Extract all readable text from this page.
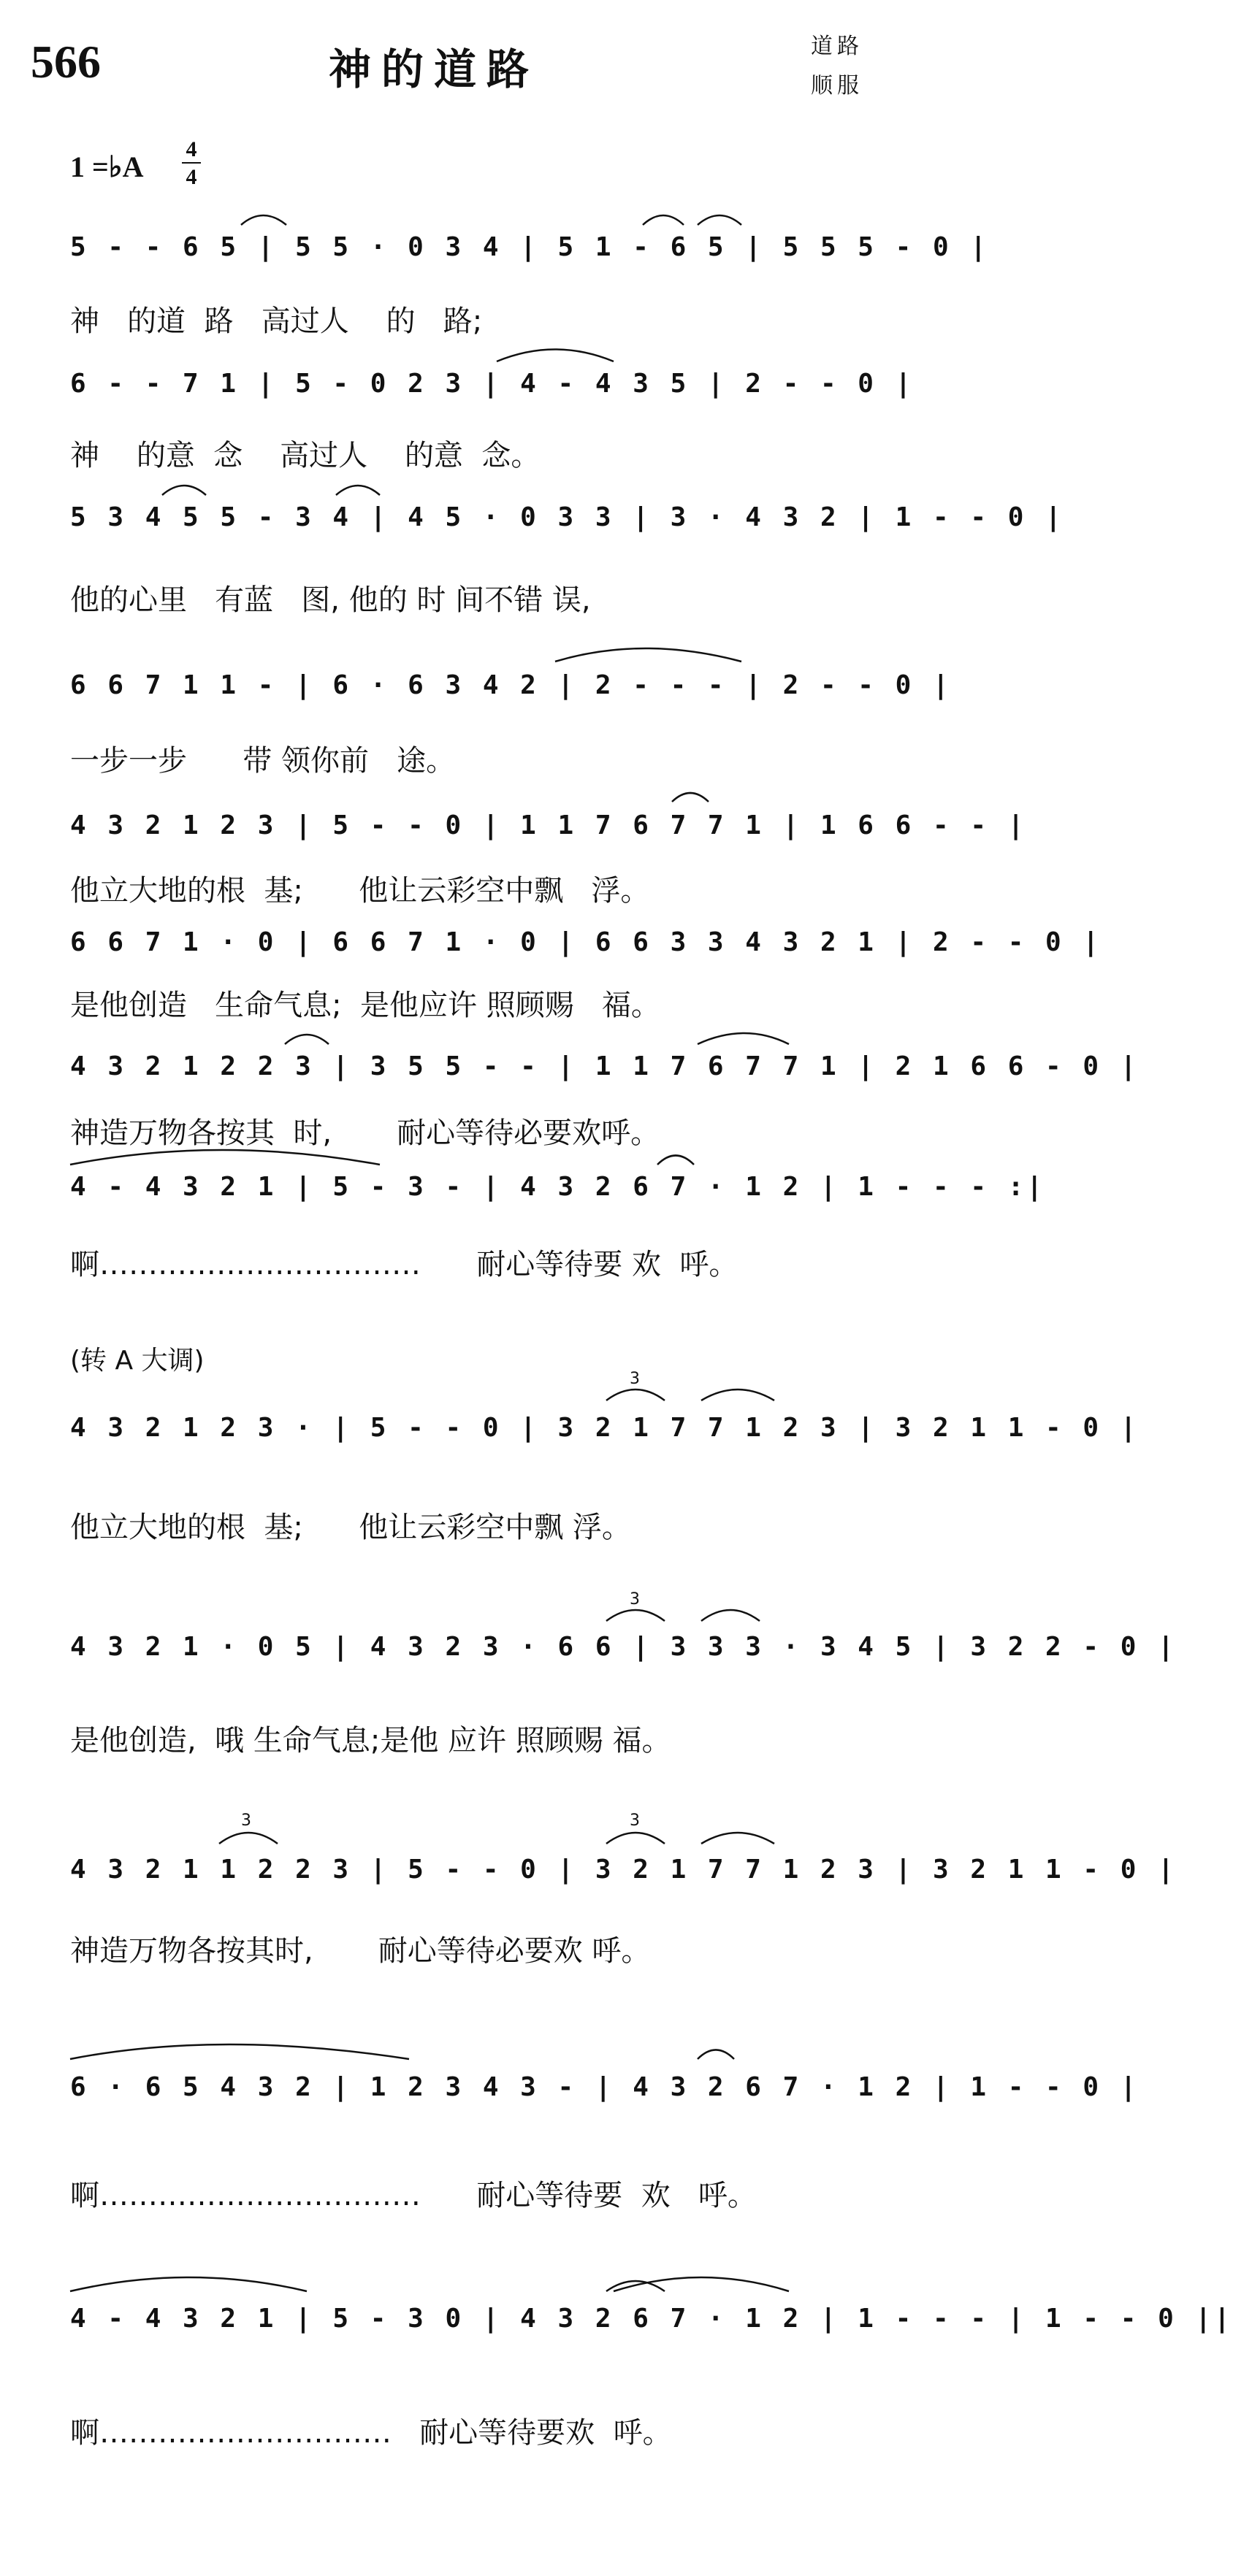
566	神的道路	道路
顺服
1 =♭A
4
4
5 - - 6 5 | 5 5 · 0 3 4 | 5 1 - 6 5 | 5 5 5 - 0 |
神   的道  路   高过人    的   路;
6 - - 7 1 | 5 - 0 2 3 | 4 - 4 3 5 | 2 - - 0 |
神    的意  念    高过人    的意  念。
5 3 4 5 5 - 3 4 | 4 5 · 0 3 3 | 3 · 4 3 2 | 1 - - 0 |
他的心里   有蓝   图, 他的 时 间不错 误,
6 6 7 1 1 - | 6 · 6 3 4 2 | 2 - - - | 2 - - 0 |
一步一步      带 领你前   途。
4 3 2 1 2 3 | 5 - - 0 | 1 1 7 6 7 7 1 | 1 6 6 - - |
他立大地的根  基;      他让云彩空中飘   浮。
6 6 7 1 · 0 | 6 6 7 1 · 0 | 6 6 3 3 4 3 2 1 | 2 - - 0 |
是他创造   生命气息;  是他应许 照顾赐   福。
4 3 2 1 2 2 3 | 3 5 5 - - | 1 1 7 6 7 7 1 | 2 1 6 6 - 0 |
神造万物各按其  时,       耐心等待必要欢呼。
4 - 4 3 2 1 | 5 - 3 - | 4 3 2 6 7 · 1 2 | 1 - - - :|
啊……………………………      耐心等待要 欢  呼。
(转 A 大调)
4 3 2 1 2 3 · | 5 - - 0 | 3 2 1 7 7 1 2 3 | 3 2 1 1 - 0 |
他立大地的根  基;      他让云彩空中飘 浮。
4 3 2 1 · 0 5 | 4 3 2 3 · 6 6 | 3 3 3 · 3 4 5 | 3 2 2 - 0 |
是他创造,  哦 生命气息;是他 应许 照顾赐 福。
4 3 2 1 1 2 2 3 | 5 - - 0 | 3 2 1 7 7 1 2 3 | 3 2 1 1 - 0 |
神造万物各按其时,       耐心等待必要欢 呼。
6 · 6 5 4 3 2 | 1 2 3 4 3 - | 4 3 2 6 7 · 1 2 | 1 - - 0 |
啊……………………………      耐心等待要  欢   呼。
4 - 4 3 2 1 | 5 - 3 0 | 4 3 2 6 7 · 1 2 | 1 - - - | 1 - - 0 ||
啊…………………………   耐心等待要欢  呼。
3
3
3	3
